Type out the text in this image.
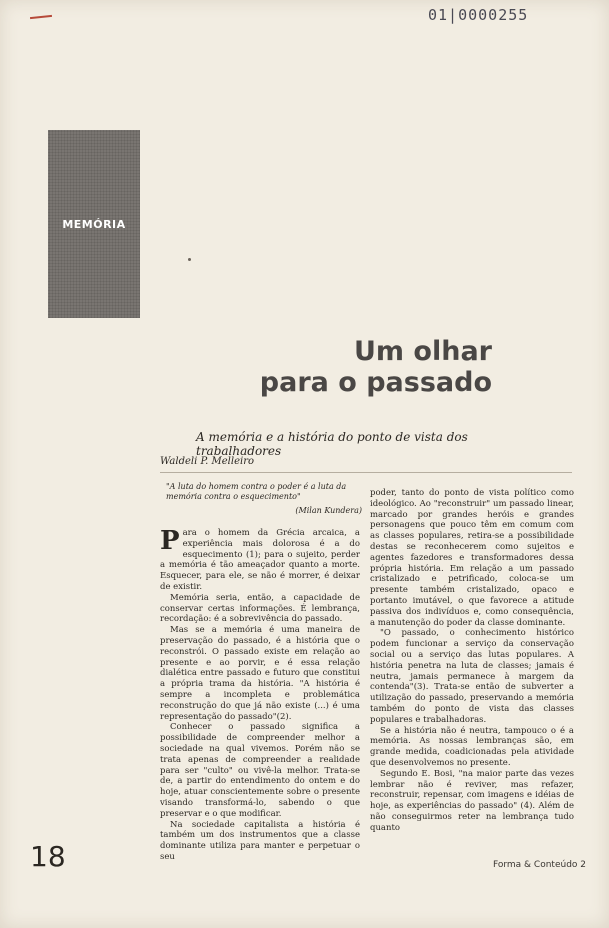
01|0000255
MEMÓRIA
Um olhar
para o passado
A memória e a história do ponto de vista dos trabalhadores
Waldeli P. Melleiro
"A luta do homem contra o poder é a luta da memória contra o esquecimento"
(Milan Kundera)

Para o homem da Grécia arcaica, a experiência mais dolorosa é a do esquecimento (1); para o sujeito, perder a memória é tão ameaçador quanto a morte. Esquecer, para ele, se não é morrer, é deixar de existir.

Memória seria, então, a capacidade de conservar certas informações. É lembrança, recordação: é a sobrevivência do passado.

Mas se a memória é uma maneira de preservação do passado, é a história que o reconstrói. O passado existe em relação ao presente e ao porvir, e é essa relação dialética entre passado e futuro que constitui a própria trama da história. "A história é sempre a incompleta e problemática reconstrução do que já não existe (...) é uma representação do passado"(2).

Conhecer o passado significa a possibilidade de compreender melhor a sociedade na qual vivemos. Porém não se trata apenas de compreender a realidade para ser "culto" ou vivê-la melhor. Trata-se de, a partir do entendimento do ontem e do hoje, atuar conscientemente sobre o presente visando transformá-lo, sabendo o que preservar e o que modificar.

Na sociedade capitalista a história é também um dos instrumentos que a classe dominante utiliza para manter e perpetuar o seu

poder, tanto do ponto de vista político como ideológico. Ao "reconstruir" um passado linear, marcado por grandes heróis e grandes personagens que pouco têm em comum com as classes populares, retira-se a possibilidade destas se reconhecerem como sujeitos e agentes fazedores e transformadores dessa própria história. Em relação a um passado cristalizado e petrificado, coloca-se um presente também cristalizado, opaco e portanto imutável, o que favorece a atitude passiva dos indivíduos e, como consequência, a manutenção do poder da classe dominante.

"O passado, o conhecimento histórico podem funcionar a serviço da conservação social ou a serviço das lutas populares. A história penetra na luta de classes; jamais é neutra, jamais permanece à margem da contenda"(3). Trata-se então de subverter a utilização do passado, preservando a memória também do ponto de vista das classes populares e trabalhadoras.

Se a história não é neutra, tampouco o é a memória. As nossas lembranças são, em grande medida, coadicionadas pela atividade que desenvolvemos no presente.

Segundo E. Bosi, "na maior parte das vezes lembrar não é reviver, mas refazer, reconstruir, repensar, com imagens e idéias de hoje, as experiências do passado" (4). Além de não conseguirmos reter na lembrança tudo quanto

18	Forma & Conteúdo 2
